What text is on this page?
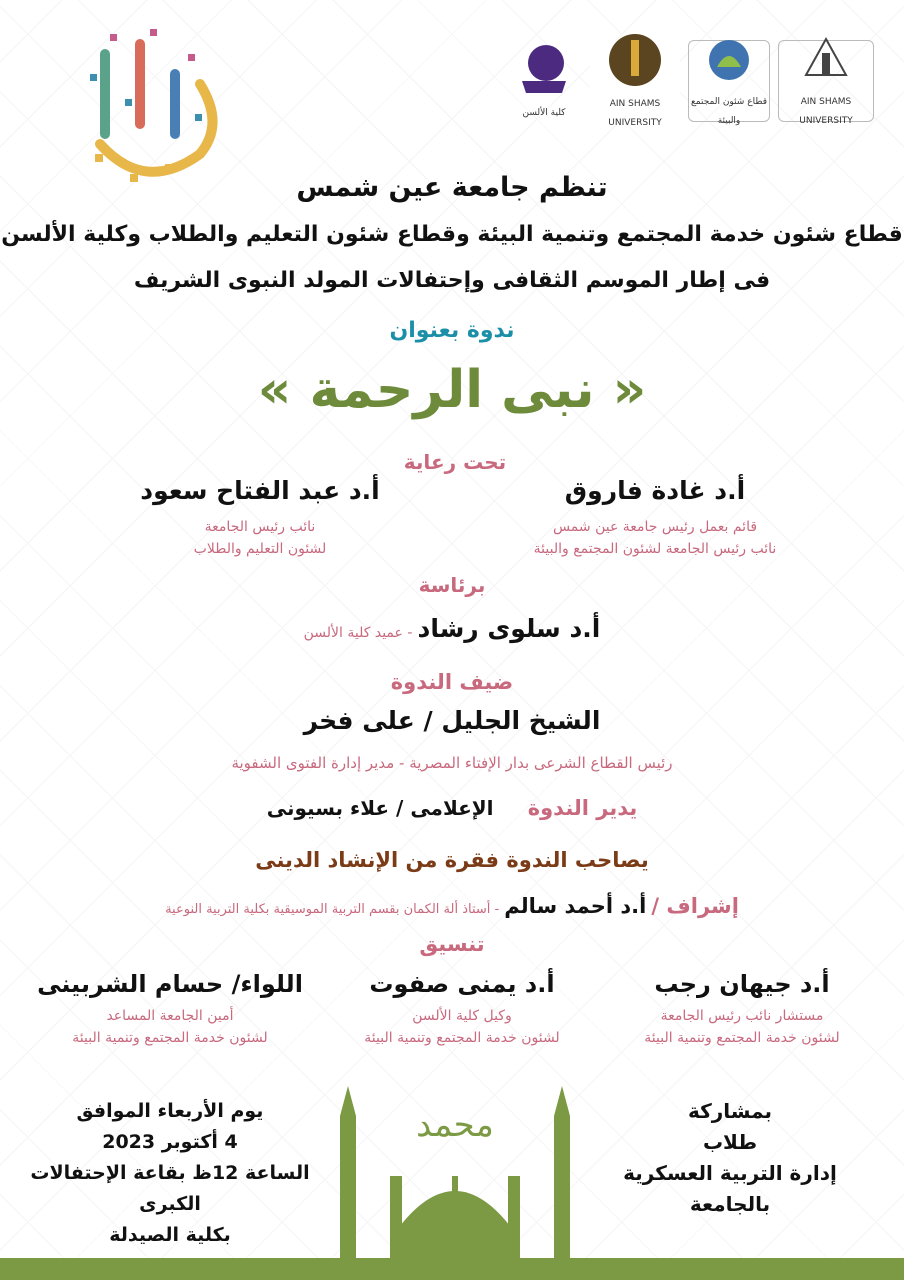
AIN SHAMS UNIVERSITY

قطاع شئون المجتمع والبيئة

AIN SHAMS UNIVERSITY

كلية الألسن
تنظم جامعة عين شمس
قطاع شئون خدمة المجتمع وتنمية البيئة وقطاع شئون التعليم والطلاب وكلية الألسن
فى إطار الموسم الثقافى وإحتفالات المولد النبوى الشريف
ندوة بعنوان
« نبى الرحمة »
تحت رعاية
أ.د غادة فاروق
قائم بعمل رئيس جامعة عين شمس
نائب رئيس الجامعة لشئون المجتمع والبيئة
أ.د عبد الفتاح سعود
نائب رئيس الجامعة
لشئون التعليم والطلاب
برئاسة
أ.د سلوى رشاد - عميد كلية الألسن
ضيف الندوة
الشيخ الجليل / على فخر
رئيس القطاع الشرعى بدار الإفتاء المصرية - مدير إدارة الفتوى الشفوية
يدير الندوة  الإعلامى / علاء بسيونى
يصاحب الندوة فقرة من الإنشاد الدينى
إشراف / أ.د أحمد سالم - أستاذ ألة الكمان بقسم التربية الموسيقية بكلية التربية النوعية
تنسيق
أ.د جيهان رجب
مستشار نائب رئيس الجامعة
لشئون خدمة المجتمع وتنمية البيئة
أ.د يمنى صفوت
وكيل كلية الألسن
لشئون خدمة المجتمع وتنمية البيئة
اللواء/ حسام الشربينى
أمين الجامعة المساعد
لشئون خدمة المجتمع وتنمية البيئة
محمد	بمشاركة
طلاب
إدارة التربية العسكرية
بالجامعة
يوم الأربعاء الموافق
4 أكتوبر 2023
الساعة 12ظ بقاعة الإحتفالات الكبرى
بكلية الصيدلة
